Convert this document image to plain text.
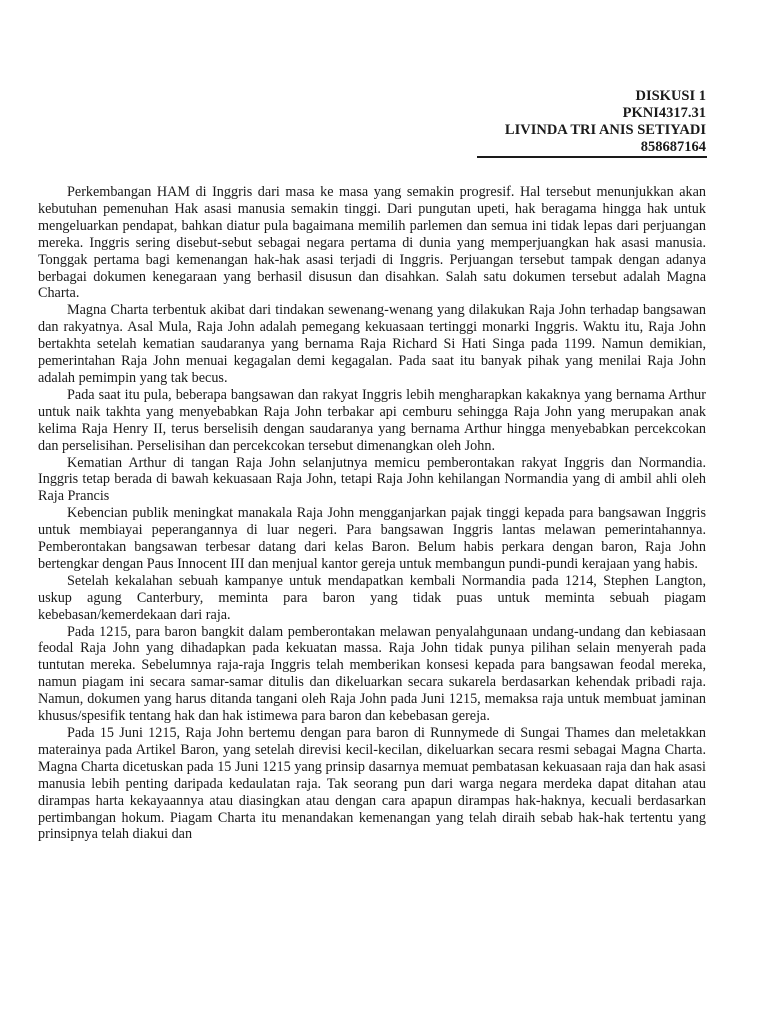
DISKUSI 1
PKNI4317.31
LIVINDA TRI ANIS SETIYADI
858687164

Perkembangan HAM di Inggris dari masa ke masa yang semakin progresif. Hal tersebut menunjukkan akan kebutuhan pemenuhan Hak asasi manusia semakin tinggi. Dari pungutan upeti, hak beragama hingga hak untuk mengeluarkan pendapat, bahkan diatur pula bagaimana memilih parlemen dan semua ini tidak lepas dari perjuangan mereka. Inggris sering disebut-sebut sebagai negara pertama di dunia yang memperjuangkan hak asasi manusia. Tonggak pertama bagi kemenangan hak-hak asasi terjadi di Inggris. Perjuangan tersebut tampak dengan adanya berbagai dokumen kenegaraan yang berhasil disusun dan disahkan. Salah satu dokumen tersebut adalah Magna Charta.

Magna Charta terbentuk akibat dari tindakan sewenang-wenang yang dilakukan Raja John terhadap bangsawan dan rakyatnya. Asal Mula, Raja John adalah pemegang kekuasaan tertinggi monarki Inggris. Waktu itu, Raja John bertakhta setelah kematian saudaranya yang bernama Raja Richard Si Hati Singa pada 1199. Namun demikian, pemerintahan Raja John menuai kegagalan demi kegagalan. Pada saat itu banyak pihak yang menilai Raja John adalah pemimpin yang tak becus.

Pada saat itu pula, beberapa bangsawan dan rakyat Inggris lebih mengharapkan kakaknya yang bernama Arthur untuk naik takhta yang menyebabkan Raja John terbakar api cemburu sehingga Raja John yang merupakan anak kelima Raja Henry II, terus berselisih dengan saudaranya yang bernama Arthur hingga menyebabkan percekcokan dan perselisihan. Perselisihan dan percekcokan tersebut dimenangkan oleh John.

Kematian Arthur di tangan Raja John selanjutnya memicu pemberontakan rakyat Inggris dan Normandia. Inggris tetap berada di bawah kekuasaan Raja John, tetapi Raja John kehilangan Normandia yang di ambil ahli oleh Raja Prancis

Kebencian publik meningkat manakala Raja John mengganjarkan pajak tinggi kepada para bangsawan Inggris untuk membiayai peperangannya di luar negeri. Para bangsawan Inggris lantas melawan pemerintahannya. Pemberontakan bangsawan terbesar datang dari kelas Baron. Belum habis perkara dengan baron, Raja John bertengkar dengan Paus Innocent III dan menjual kantor gereja untuk membangun pundi-pundi kerajaan yang habis.

Setelah kekalahan sebuah kampanye untuk mendapatkan kembali Normandia pada 1214, Stephen Langton, uskup agung Canterbury, meminta para baron yang tidak puas untuk meminta sebuah piagam kebebasan/kemerdekaan dari raja.

Pada 1215, para baron bangkit dalam pemberontakan melawan penyalahgunaan undang-undang dan kebiasaan feodal Raja John yang dihadapkan pada kekuatan massa. Raja John tidak punya pilihan selain menyerah pada tuntutan mereka. Sebelumnya raja-raja Inggris telah memberikan konsesi kepada para bangsawan feodal mereka, namun piagam ini secara samar-samar ditulis dan dikeluarkan secara sukarela berdasarkan kehendak pribadi raja. Namun, dokumen yang harus ditanda tangani oleh Raja John pada Juni 1215, memaksa raja untuk membuat jaminan khusus/spesifik tentang hak dan hak istimewa para baron dan kebebasan gereja.

Pada 15 Juni 1215, Raja John bertemu dengan para baron di Runnymede di Sungai Thames dan meletakkan materainya pada Artikel Baron, yang setelah direvisi kecil-kecilan, dikeluarkan secara resmi sebagai Magna Charta. Magna Charta dicetuskan pada 15 Juni 1215 yang prinsip dasarnya memuat pembatasan kekuasaan raja dan hak asasi manusia lebih penting daripada kedaulatan raja. Tak seorang pun dari warga negara merdeka dapat ditahan atau dirampas harta kekayaannya atau diasingkan atau dengan cara apapun dirampas hak-haknya, kecuali berdasarkan pertimbangan hokum. Piagam Charta itu menandakan kemenangan yang telah diraih sebab hak-hak tertentu yang prinsipnya telah diakui dan
